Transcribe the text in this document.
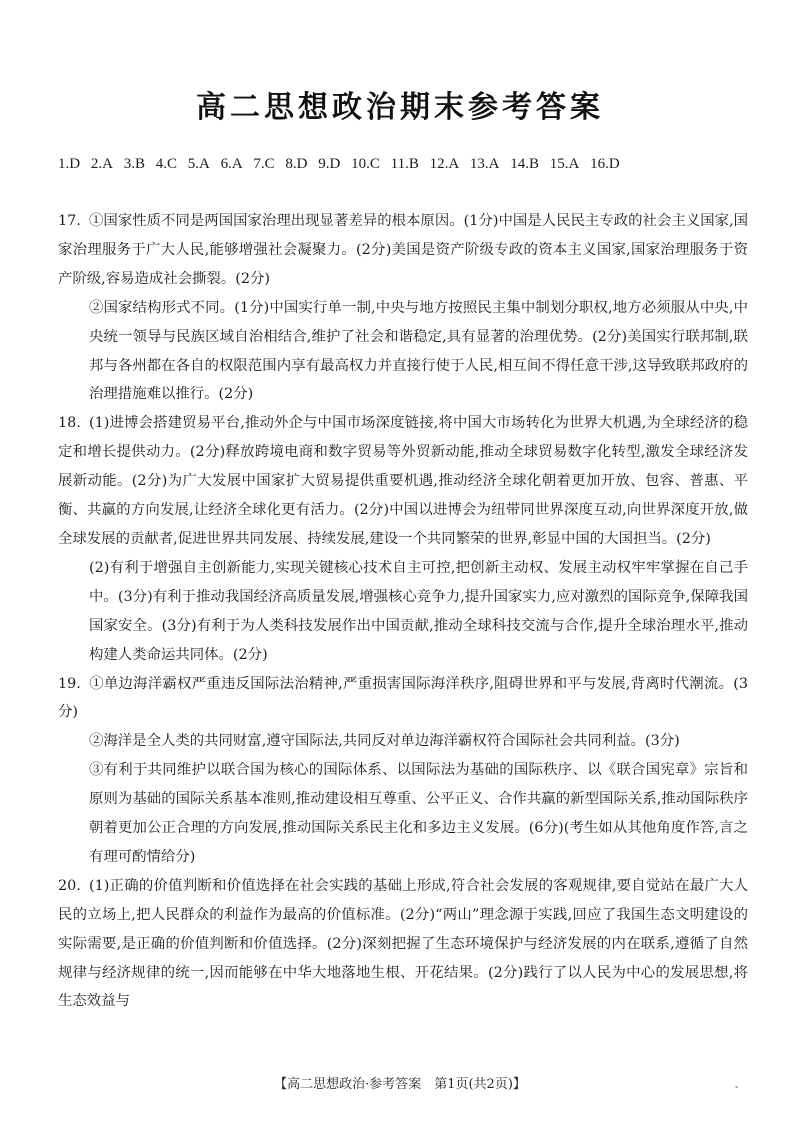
高二思想政治期末参考答案
1.D 2.A 3.B 4.C 5.A 6.A 7.C 8.D 9.D 10.C 11.B 12.A 13.A 14.B 15.A 16.D
17. ①国家性质不同是两国国家治理出现显著差异的根本原因。(1分)中国是人民民主专政的社会主义国家,国家治理服务于广大人民,能够增强社会凝聚力。(2分)美国是资产阶级专政的资本主义国家,国家治理服务于资产阶级,容易造成社会撕裂。(2分)
②国家结构形式不同。(1分)中国实行单一制,中央与地方按照民主集中制划分职权,地方必须服从中央,中央统一领导与民族区域自治相结合,维护了社会和谐稳定,具有显著的治理优势。(2分)美国实行联邦制,联邦与各州都在各自的权限范围内享有最高权力并直接行使于人民,相互间不得任意干涉,这导致联邦政府的治理措施难以推行。(2分)
18. (1)进博会搭建贸易平台,推动外企与中国市场深度链接,将中国大市场转化为世界大机遇,为全球经济的稳定和增长提供动力。(2分)释放跨境电商和数字贸易等外贸新动能,推动全球贸易数字化转型,激发全球经济发展新动能。(2分)为广大发展中国家扩大贸易提供重要机遇,推动经济全球化朝着更加开放、包容、普惠、平衡、共赢的方向发展,让经济全球化更有活力。(2分)中国以进博会为纽带同世界深度互动,向世界深度开放,做全球发展的贡献者,促进世界共同发展、持续发展,建设一个共同繁荣的世界,彰显中国的大国担当。(2分)
(2)有利于增强自主创新能力,实现关键核心技术自主可控,把创新主动权、发展主动权牢牢掌握在自己手中。(3分)有利于推动我国经济高质量发展,增强核心竞争力,提升国家实力,应对激烈的国际竞争,保障我国国家安全。(3分)有利于为人类科技发展作出中国贡献,推动全球科技交流与合作,提升全球治理水平,推动构建人类命运共同体。(2分)
19. ①单边海洋霸权严重违反国际法治精神,严重损害国际海洋秩序,阻碍世界和平与发展,背离时代潮流。(3分)
②海洋是全人类的共同财富,遵守国际法,共同反对单边海洋霸权符合国际社会共同利益。(3分)
③有利于共同维护以联合国为核心的国际体系、以国际法为基础的国际秩序、以《联合国宪章》宗旨和原则为基础的国际关系基本准则,推动建设相互尊重、公平正义、合作共赢的新型国际关系,推动国际秩序朝着更加公正合理的方向发展,推动国际关系民主化和多边主义发展。(6分)(考生如从其他角度作答,言之有理可酌情给分)
20. (1)正确的价值判断和价值选择在社会实践的基础上形成,符合社会发展的客观规律,要自觉站在最广大人民的立场上,把人民群众的利益作为最高的价值标准。(2分)“两山”理念源于实践,回应了我国生态文明建设的实际需要,是正确的价值判断和价值选择。(2分)深刻把握了生态环境保护与经济发展的内在联系,遵循了自然规律与经济规律的统一,因而能够在中华大地落地生根、开花结果。(2分)践行了以人民为中心的发展思想,将生态效益与
【高二思想政治·参考答案　第1页(共2页)】	-
